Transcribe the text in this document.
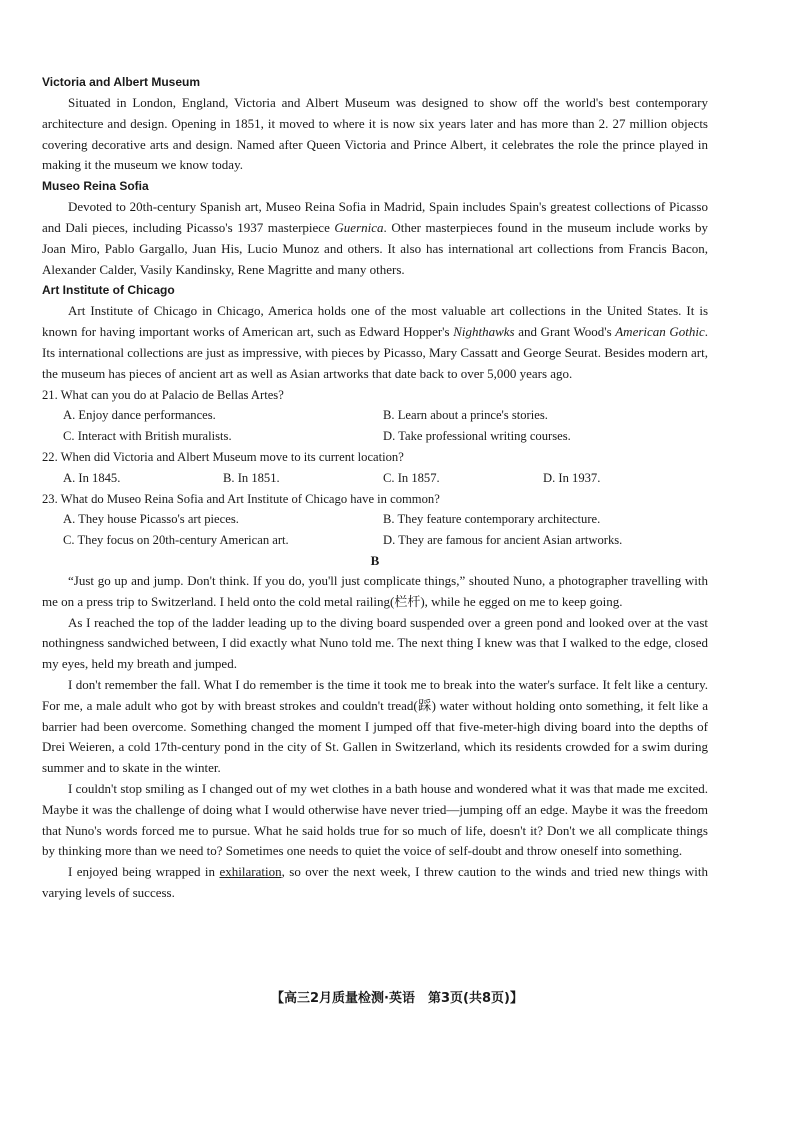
Victoria and Albert Museum

Situated in London, England, Victoria and Albert Museum was designed to show off the world's best contemporary architecture and design. Opening in 1851, it moved to where it is now six years later and has more than 2. 27 million objects covering decorative arts and design. Named after Queen Victoria and Prince Albert, it celebrates the role the prince played in making it the museum we know today.

Museo Reina Sofia

Devoted to 20th-century Spanish art, Museo Reina Sofia in Madrid, Spain includes Spain's greatest collections of Picasso and Dali pieces, including Picasso's 1937 masterpiece Guernica. Other masterpieces found in the museum include works by Joan Miro, Pablo Gargallo, Juan His, Lucio Munoz and others. It also has international art collections from Francis Bacon, Alexander Calder, Vasily Kandinsky, Rene Magritte and many others.

Art Institute of Chicago

Art Institute of Chicago in Chicago, America holds one of the most valuable art collections in the United States. It is known for having important works of American art, such as Edward Hopper's Nighthawks and Grant Wood's American Gothic. Its international collections are just as impressive, with pieces by Picasso, Mary Cassatt and George Seurat. Besides modern art, the museum has pieces of ancient art as well as Asian artworks that date back to over 5,000 years ago.

21. What can you do at Palacio de Bellas Artes?
A. Enjoy dance performances.	B. Learn about a prince's stories.
C. Interact with British muralists.	D. Take professional writing courses.
22. When did Victoria and Albert Museum move to its current location?
A. In 1845.	B. In 1851.	C. In 1857.	D. In 1937.
23. What do Museo Reina Sofia and Art Institute of Chicago have in common?
A. They house Picasso's art pieces.	B. They feature contemporary architecture.
C. They focus on 20th-century American art.	D. They are famous for ancient Asian artworks.
B

“Just go up and jump. Don't think. If you do, you'll just complicate things,” shouted Nuno, a photographer travelling with me on a press trip to Switzerland. I held onto the cold metal railing(栏杆), while he egged on me to keep going.

As I reached the top of the ladder leading up to the diving board suspended over a green pond and looked over at the vast nothingness sandwiched between, I did exactly what Nuno told me. The next thing I knew was that I walked to the edge, closed my eyes, held my breath and jumped.

I don't remember the fall. What I do remember is the time it took me to break into the water's surface. It felt like a century. For me, a male adult who got by with breast strokes and couldn't tread(踩) water without holding onto something, it felt like a barrier had been overcome. Something changed the moment I jumped off that five-meter-high diving board into the depths of Drei Weieren, a cold 17th-century pond in the city of St. Gallen in Switzerland, which its residents crowded for a swim during summer and to skate in the winter.

I couldn't stop smiling as I changed out of my wet clothes in a bath house and wondered what it was that made me excited. Maybe it was the challenge of doing what I would otherwise have never tried—jumping off an edge. Maybe it was the freedom that Nuno's words forced me to pursue. What he said holds true for so much of life, doesn't it? Don't we all complicate things by thinking more than we need to? Sometimes one needs to quiet the voice of self-doubt and throw oneself into something.

I enjoyed being wrapped in exhilaration, so over the next week, I threw caution to the winds and tried new things with varying levels of success.

【高三2月质量检测·英语　第3页(共8页)】
